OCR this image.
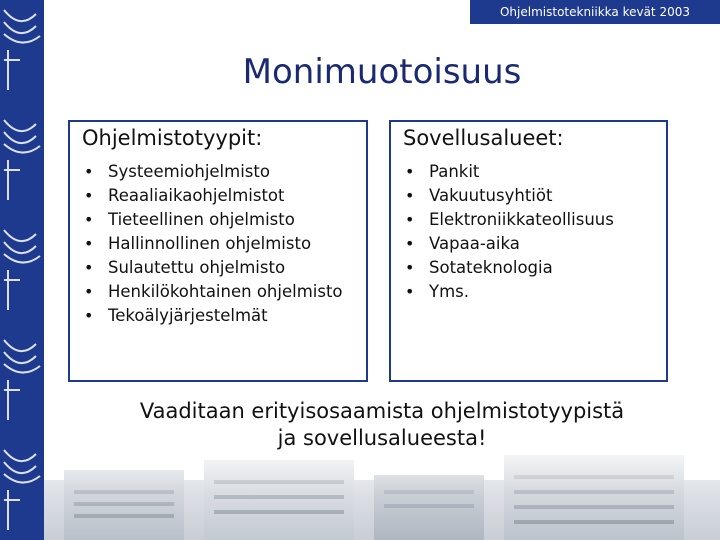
Ohjelmistotekniikka kevät 2003
Monimuotoisuus
Ohjelmistotyypit:
• Systeemiohjelmisto
• Reaaliaikaohjelmistot
• Tieteellinen ohjelmisto
• Hallinnollinen ohjelmisto
• Sulautettu ohjelmisto
• Henkilökohtainen ohjelmisto
• Tekoälyjärjestelmät
Sovellusalueet:
• Pankit
• Vakuutusyhtiöt
• Elektroniikkateollisuus
• Vapaa-aika
• Sotateknologia
• Yms.
Vaaditaan erityisosaamista ohjelmistotyypistä
ja sovellusalueesta!
